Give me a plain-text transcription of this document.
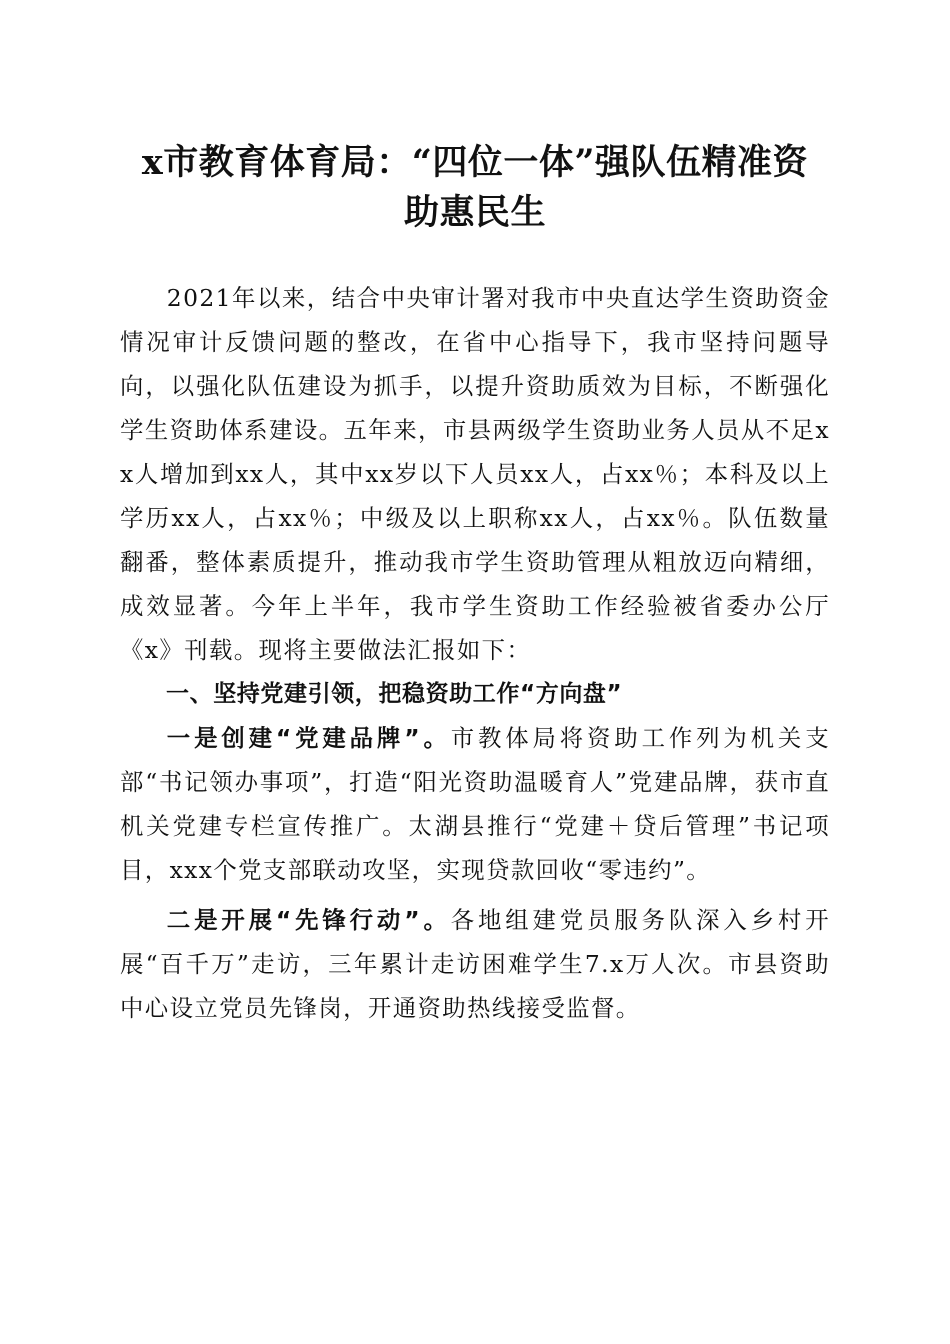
x市教育体育局：“四位一体”强队伍精准资
助惠民生

2021年以来，结合中央审计署对我市中央直达学生资助资金情况审计反馈问题的整改，在省中心指导下，我市坚持问题导向，以强化队伍建设为抓手，以提升资助质效为目标，不断强化学生资助体系建设。五年来，市县两级学生资助业务人员从不足xx人增加到xx人，其中xx岁以下人员xx人，占xx％；本科及以上学历xx人，占xx％；中级及以上职称xx人，占xx％。队伍数量翻番，整体素质提升，推动我市学生资助管理从粗放迈向精细，成效显著。今年上半年，我市学生资助工作经验被省委办公厅《x》刊载。现将主要做法汇报如下：

一、坚持党建引领，把稳资助工作“方向盘”

一是创建“党建品牌”。市教体局将资助工作列为机关支部“书记领办事项”，打造“阳光资助温暖育人”党建品牌，获市直机关党建专栏宣传推广。太湖县推行“党建＋贷后管理”书记项目，xxx个党支部联动攻坚，实现贷款回收“零违约”。

二是开展“先锋行动”。各地组建党员服务队深入乡村开展“百千万”走访，三年累计走访困难学生7.x万人次。市县资助中心设立党员先锋岗，开通资助热线接受监督。
